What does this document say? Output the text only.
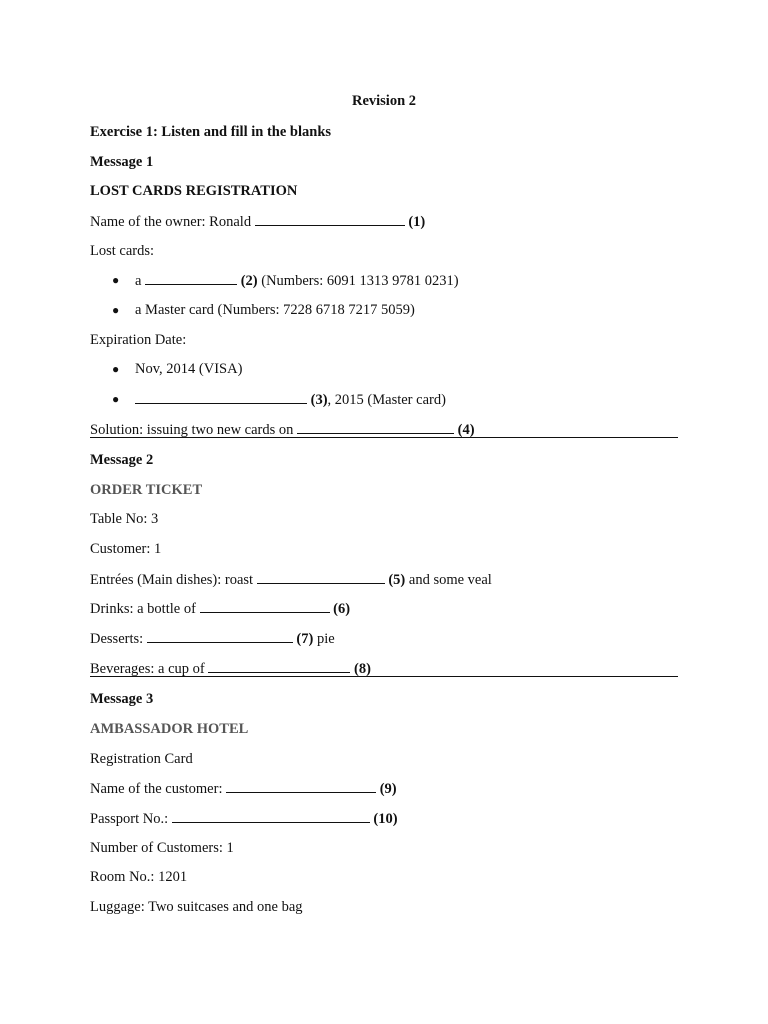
Revision 2
Exercise 1: Listen and fill in the blanks
Message 1
LOST CARDS REGISTRATION
Name of the owner: Ronald	(1)
Lost cards:
● a	(2) (Numbers: 6091 1313 9781 0231)
● a Master card (Numbers: 7228 6718 7217 5059)
Expiration Date:
● Nov, 2014 (VISA)
●	(3), 2015 (Master card)
Solution: issuing two new cards on	(4)
Message 2
ORDER TICKET
Table No: 3
Customer: 1
Entrées (Main dishes): roast	(5) and some veal
Drinks: a bottle of	(6)
Desserts:	(7) pie
Beverages: a cup of	(8)
Message 3
AMBASSADOR HOTEL
Registration Card
Name of the customer:	(9)
Passport No.:	(10)
Number of Customers: 1
Room No.: 1201
Luggage: Two suitcases and one bag
